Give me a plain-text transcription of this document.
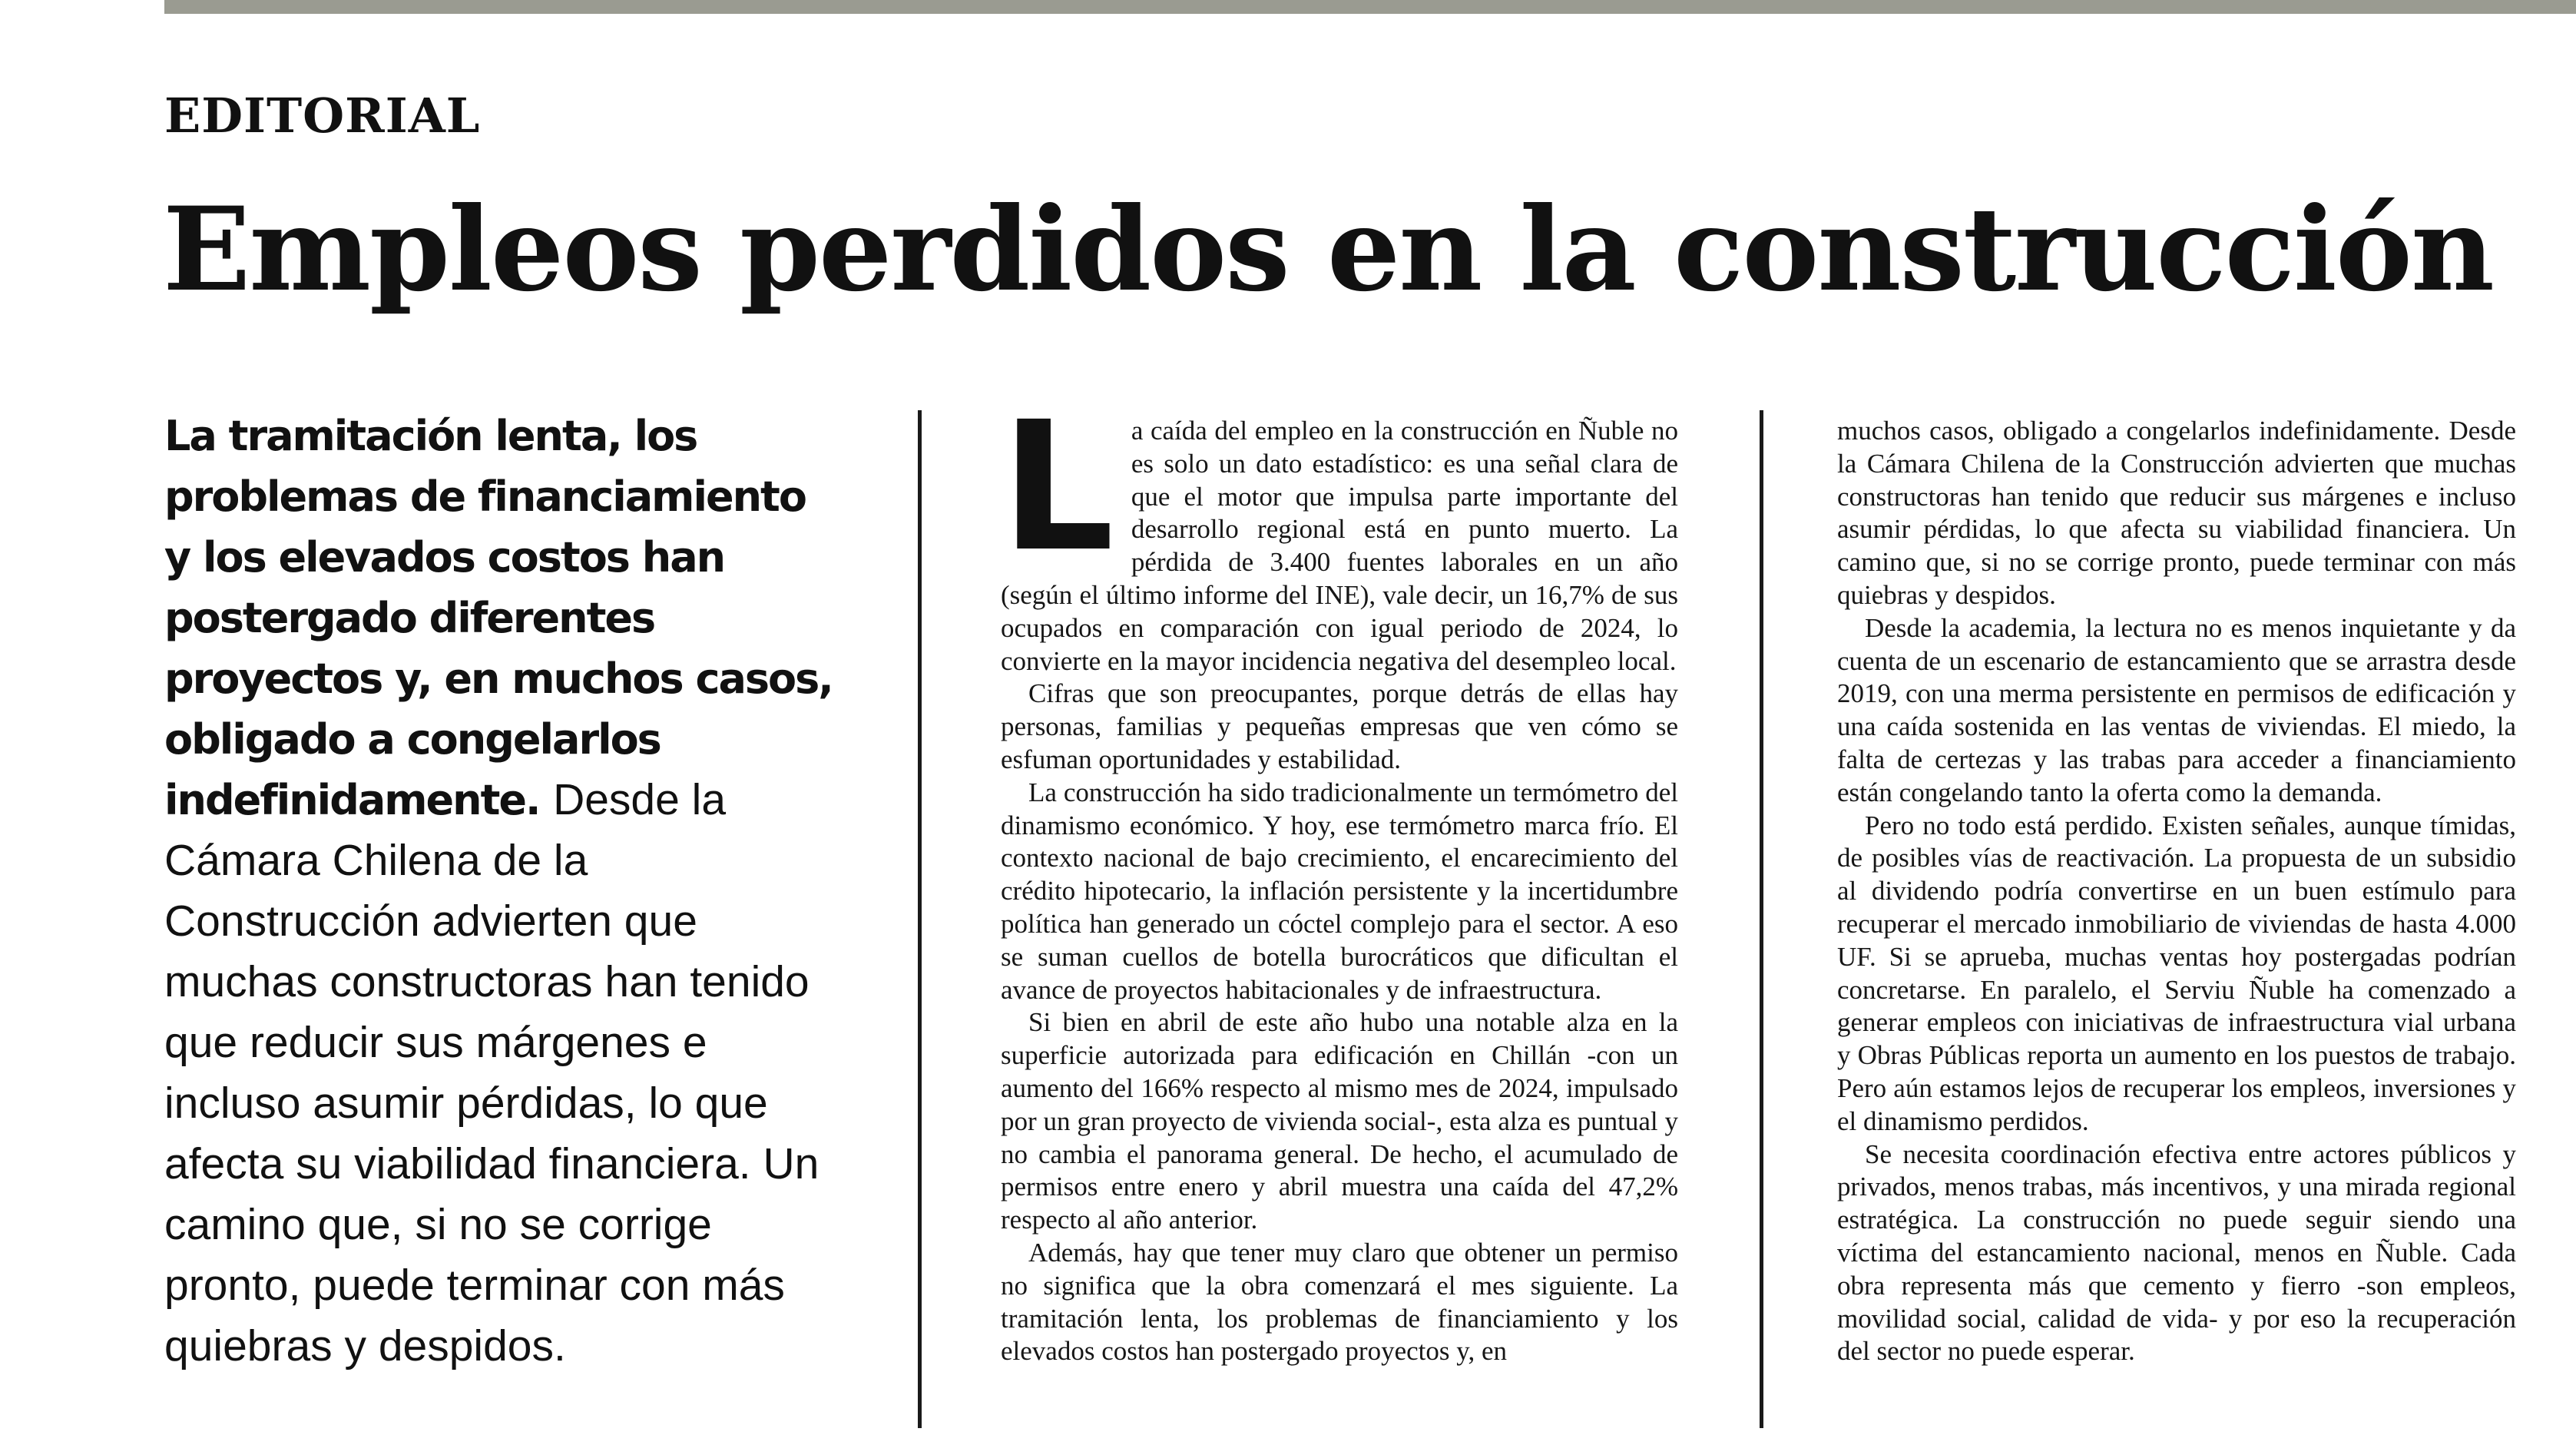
EDITORIAL
Empleos perdidos en la construcción
La tramitación lenta, los problemas de financiamiento y los elevados costos han postergado diferentes proyectos y, en muchos casos, obligado a congelarlos indefinidamente. Desde la Cámara Chilena de la Construcción advierten que muchas constructoras han tenido que reducir sus márgenes e incluso asumir pérdidas, lo que afecta su viabilidad financiera. Un camino que, si no se corrige pronto, puede terminar con más quiebras y despidos.
L a caída del empleo en la construcción en Ñuble no es solo un dato estadístico: es una señal clara de que el motor que impulsa parte importante del desarrollo regional está en punto muerto. La pérdida de 3.400 fuentes laborales en un año (según el último informe del INE), vale decir, un 16,7% de sus ocupados en comparación con igual periodo de 2024, lo convierte en la mayor incidencia negativa del desempleo local.

Cifras que son preocupantes, porque detrás de ellas hay personas, familias y pequeñas empresas que ven cómo se esfuman oportunidades y estabilidad.

La construcción ha sido tradicionalmente un termómetro del dinamismo económico. Y hoy, ese termómetro marca frío. El contexto nacional de bajo crecimiento, el encarecimiento del crédito hipotecario, la inflación persistente y la incertidumbre política han generado un cóctel complejo para el sector. A eso se suman cuellos de botella burocráticos que dificultan el avance de proyectos habitacionales y de infraestructura.

Si bien en abril de este año hubo una notable alza en la superficie autorizada para edificación en Chillán -con un aumento del 166% respecto al mismo mes de 2024, impulsado por un gran proyecto de vivienda social-, esta alza es puntual y no cambia el panorama general. De hecho, el acumulado de permisos entre enero y abril muestra una caída del 47,2% respecto al año anterior.

Además, hay que tener muy claro que obtener un permiso no significa que la obra comenzará el mes siguiente. La tramitación lenta, los problemas de financiamiento y los elevados costos han postergado proyectos y, en

muchos casos, obligado a congelarlos indefinidamente. Desde la Cámara Chilena de la Construcción advierten que muchas constructoras han tenido que reducir sus márgenes e incluso asumir pérdidas, lo que afecta su viabilidad financiera. Un camino que, si no se corrige pronto, puede terminar con más quiebras y despidos.

Desde la academia, la lectura no es menos inquietante y da cuenta de un escenario de estancamiento que se arrastra desde 2019, con una merma persistente en permisos de edificación y una caída sostenida en las ventas de viviendas. El miedo, la falta de certezas y las trabas para acceder a financiamiento están congelando tanto la oferta como la demanda.

Pero no todo está perdido. Existen señales, aunque tímidas, de posibles vías de reactivación. La propuesta de un subsidio al dividendo podría convertirse en un buen estímulo para recuperar el mercado inmobiliario de viviendas de hasta 4.000 UF. Si se aprueba, muchas ventas hoy postergadas podrían concretarse. En paralelo, el Serviu Ñuble ha comenzado a generar empleos con iniciativas de infraestructura vial urbana y Obras Públicas reporta un aumento en los puestos de trabajo. Pero aún estamos lejos de recuperar los empleos, inversiones y el dinamismo perdidos.

Se necesita coordinación efectiva entre actores públicos y privados, menos trabas, más incentivos, y una mirada regional estratégica. La construcción no puede seguir siendo una víctima del estancamiento nacional, menos en Ñuble. Cada obra representa más que cemento y fierro -son empleos, movilidad social, calidad de vida- y por eso la recuperación del sector no puede esperar.
